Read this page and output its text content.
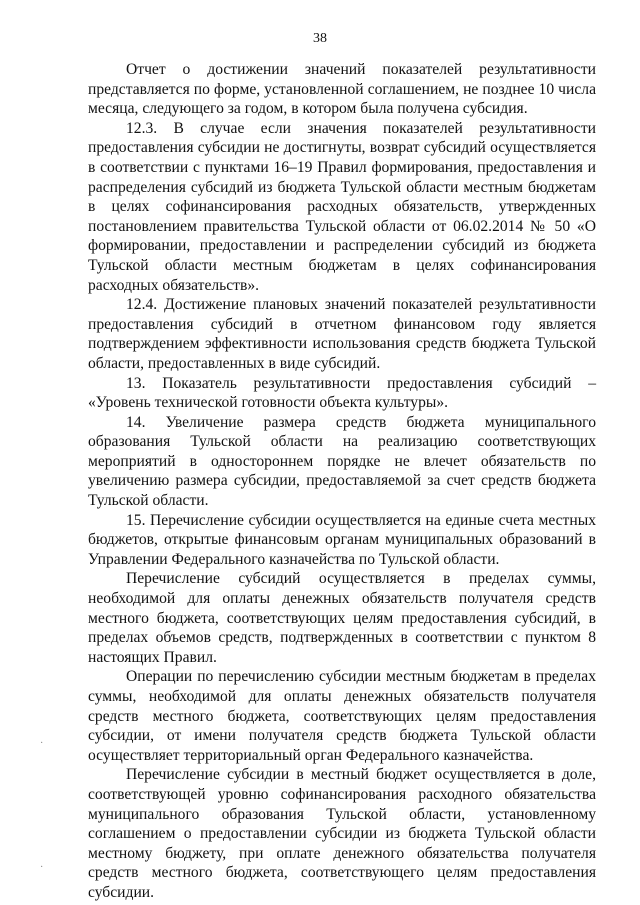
38

Отчет о достижении значений показателей результативности представляется по форме, установленной соглашением, не позднее 10 числа месяца, следующего за годом, в котором была получена субсидия.

12.3. В случае если значения показателей результативности предоставления субсидии не достигнуты, возврат субсидий осуществляется в соответствии с пунктами 16–19 Правил формирования, предоставления и распределения субсидий из бюджета Тульской области местным бюджетам в целях софинансирования расходных обязательств, утвержденных постановлением правительства Тульской области от 06.02.2014 № 50 «О формировании, предоставлении и распределении субсидий из бюджета Тульской области местным бюджетам в целях софинансирования расходных обязательств».

12.4. Достижение плановых значений показателей результативности предоставления субсидий в отчетном финансовом году является подтверждением эффективности использования средств бюджета Тульской области, предоставленных в виде субсидий.

13. Показатель результативности предоставления субсидий – «Уровень технической готовности объекта культуры».

14. Увеличение размера средств бюджета муниципального образования Тульской области на реализацию соответствующих мероприятий в одностороннем порядке не влечет обязательств по увеличению размера субсидии, предоставляемой за счет средств бюджета Тульской области.

15. Перечисление субсидии осуществляется на единые счета местных бюджетов, открытые финансовым органам муниципальных образований в Управлении Федерального казначейства по Тульской области.

Перечисление субсидий осуществляется в пределах суммы, необходимой для оплаты денежных обязательств получателя средств местного бюджета, соответствующих целям предоставления субсидий, в пределах объемов средств, подтвержденных в соответствии с пунктом 8 настоящих Правил.

Операции по перечислению субсидии местным бюджетам в пределах суммы, необходимой для оплаты денежных обязательств получателя средств местного бюджета, соответствующих целям предоставления субсидии, от имени получателя средств бюджета Тульской области осуществляет территориальный орган Федерального казначейства.

Перечисление субсидии в местный бюджет осуществляется в доле, соответствующей уровню софинансирования расходного обязательства муниципального образования Тульской области, установленному соглашением о предоставлении субсидии из бюджета Тульской области местному бюджету, при оплате денежного обязательства получателя средств местного бюджета, соответствующего целям предоставления субсидии.

·
·
